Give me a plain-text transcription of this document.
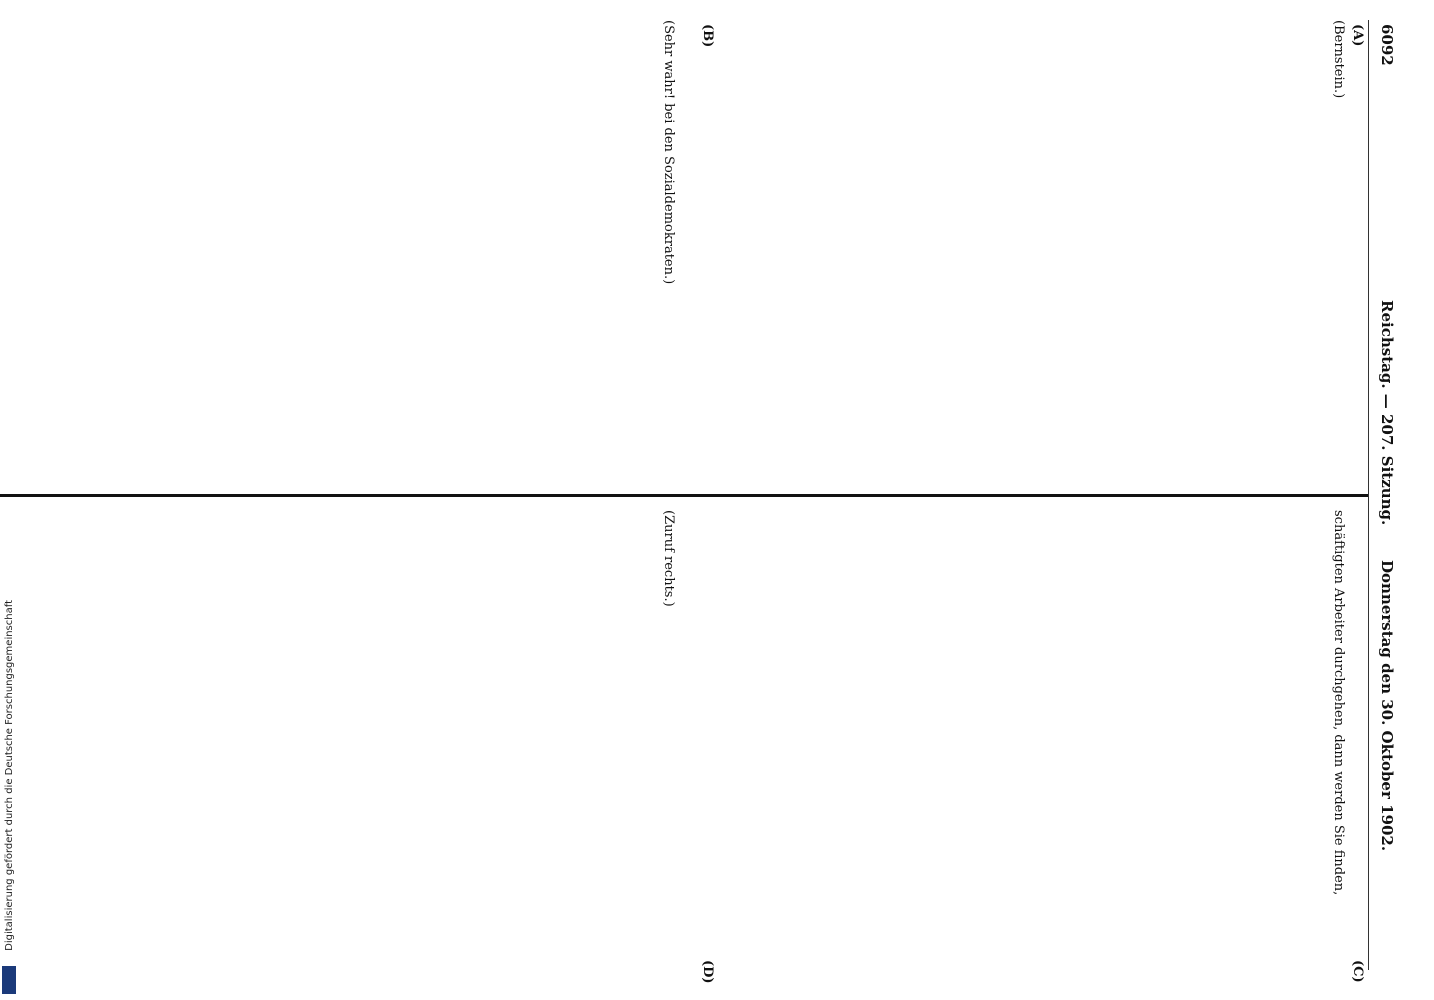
6092
Reichstag. — 207. Sitzung.
Donnerstag den 30. Oktober 1902.
(A)
(B)
(C)
(D)

(Bernstein.)

(Sehr wahr! bei den Sozialdemokraten.)

schäftigten Arbeiter durchgehen, dann werden Sie finden,

(Zuruf rechts.)

Digitalisierung gefördert durch die Deutsche Forschungsgemeinschaft
